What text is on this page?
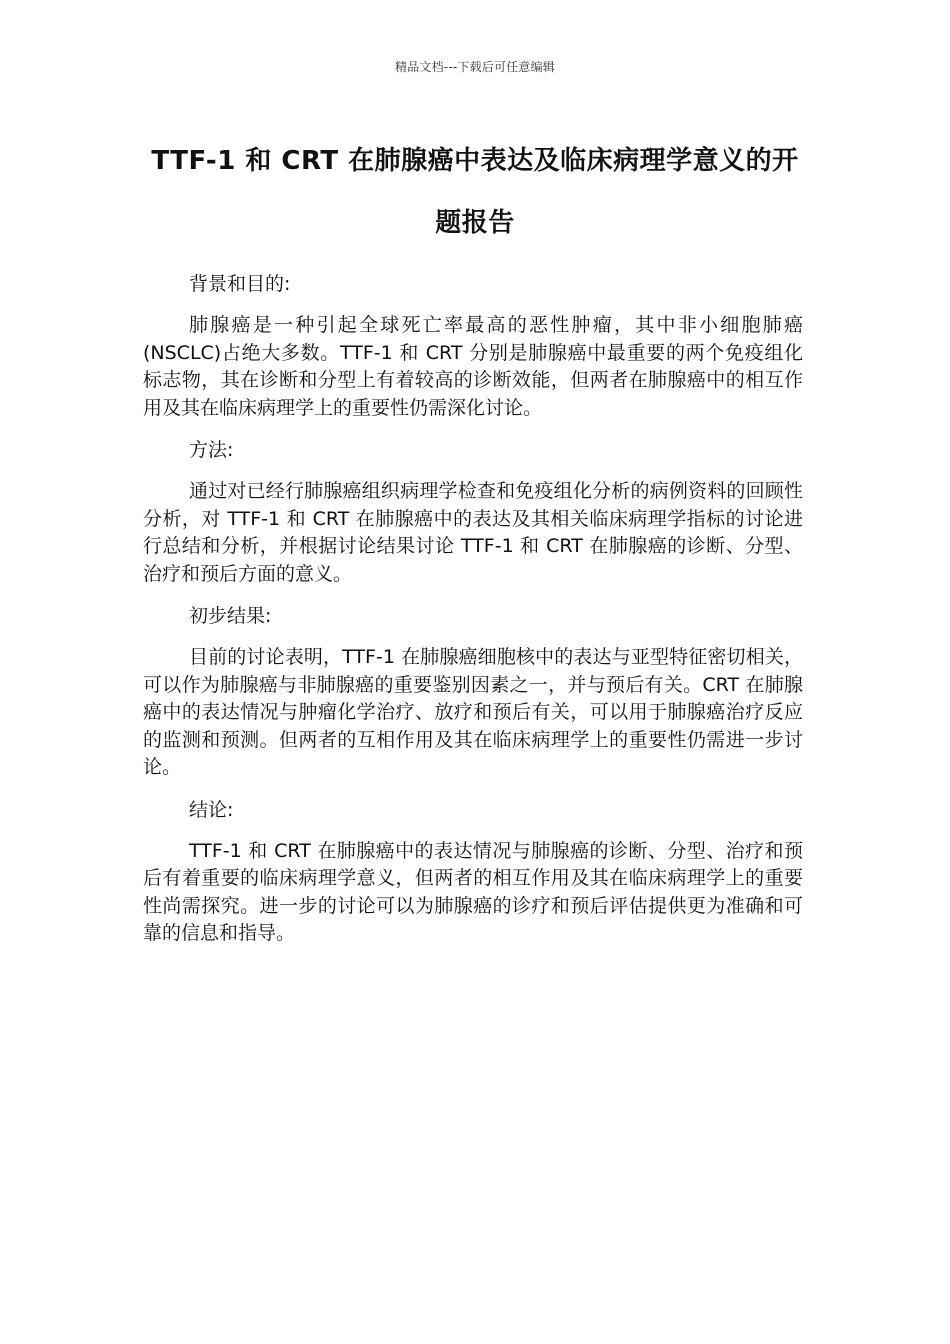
精品文档---下载后可任意编辑
TTF-1 和 CRT 在肺腺癌中表达及临床病理学意义的开题报告

背景和目的:

肺腺癌是一种引起全球死亡率最高的恶性肿瘤，其中非小细胞肺癌(NSCLC)占绝大多数。TTF-1 和 CRT 分别是肺腺癌中最重要的两个免疫组化标志物，其在诊断和分型上有着较高的诊断效能，但两者在肺腺癌中的相互作用及其在临床病理学上的重要性仍需深化讨论。

方法:

通过对已经行肺腺癌组织病理学检查和免疫组化分析的病例资料的回顾性分析，对 TTF-1 和 CRT 在肺腺癌中的表达及其相关临床病理学指标的讨论进行总结和分析，并根据讨论结果讨论 TTF-1 和 CRT 在肺腺癌的诊断、分型、治疗和预后方面的意义。

初步结果:

目前的讨论表明，TTF-1 在肺腺癌细胞核中的表达与亚型特征密切相关，可以作为肺腺癌与非肺腺癌的重要鉴别因素之一，并与预后有关。CRT 在肺腺癌中的表达情况与肿瘤化学治疗、放疗和预后有关，可以用于肺腺癌治疗反应的监测和预测。但两者的互相作用及其在临床病理学上的重要性仍需进一步讨论。

结论:

TTF-1 和 CRT 在肺腺癌中的表达情况与肺腺癌的诊断、分型、治疗和预后有着重要的临床病理学意义，但两者的相互作用及其在临床病理学上的重要性尚需探究。进一步的讨论可以为肺腺癌的诊疗和预后评估提供更为准确和可靠的信息和指导。
